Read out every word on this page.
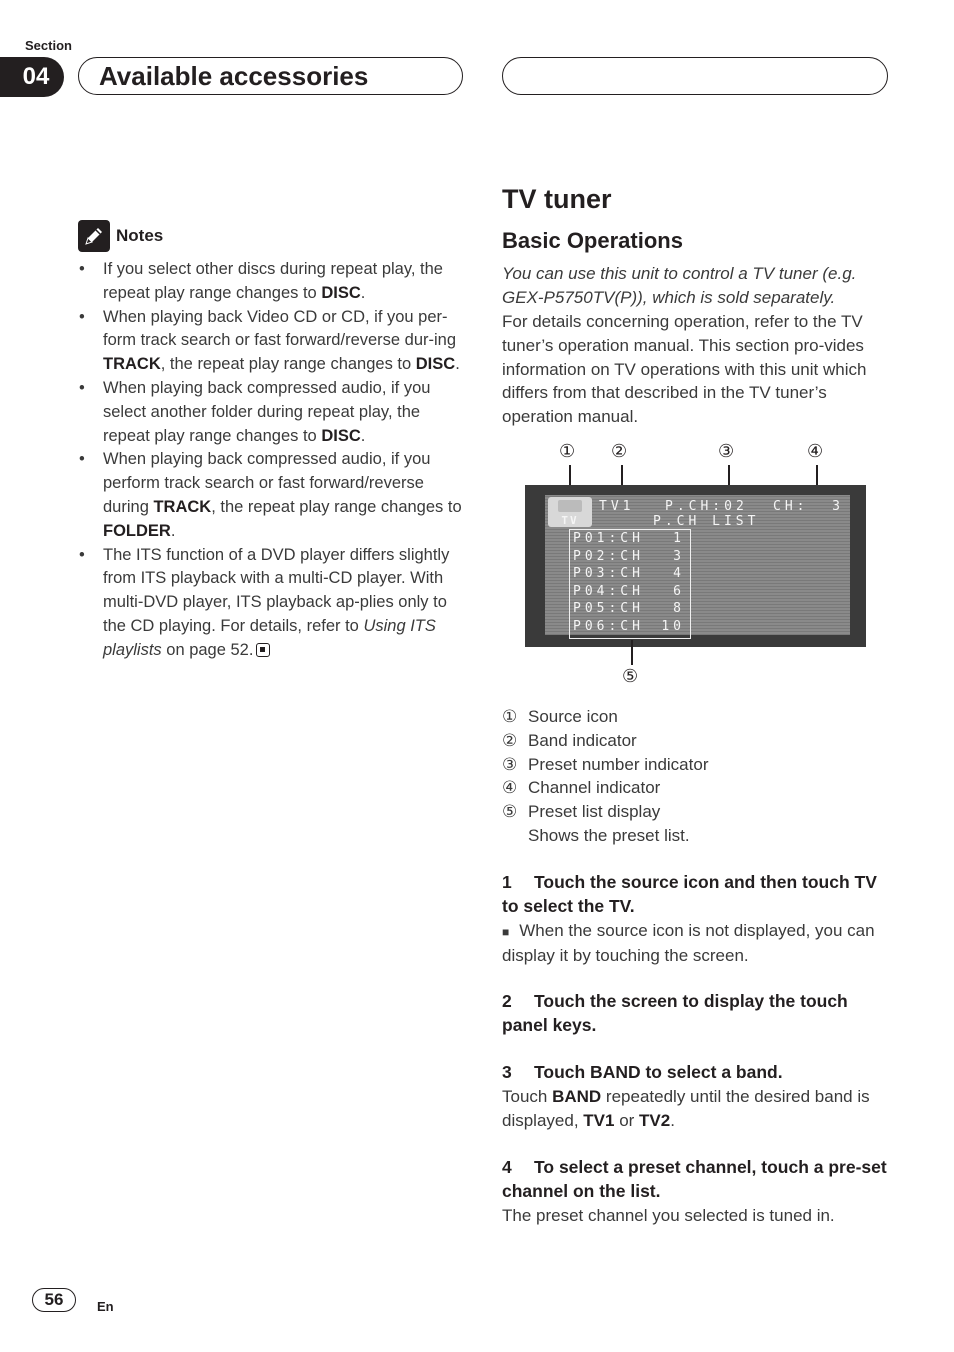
Section
04	Available accessories
Notes
• If you select other discs during repeat play, the repeat play range changes to DISC.
• When playing back Video CD or CD, if you per-form track search or fast forward/reverse dur-ing TRACK, the repeat play range changes to DISC.
• When playing back compressed audio, if you select another folder during repeat play, the repeat play range changes to DISC.
• When playing back compressed audio, if you perform track search or fast forward/reverse during TRACK, the repeat play range changes to FOLDER.
• The ITS function of a DVD player differs slightly from ITS playback with a multi-CD player. With multi-DVD player, ITS playback ap-plies only to the CD playing. For details, refer to Using ITS playlists on page 52.
TV tuner
Basic Operations
You can use this unit to control a TV tuner (e.g. GEX-P5750TV(P)), which is sold separately.
For details concerning operation, refer to the TV tuner’s operation manual. This section pro-vides information on TV operations with this unit which differs from that described in the TV tuner’s operation manual.
① ②	③	④
TV
TV1 P.CH:02 CH:  3
P.CH LIST
P01:CH 1
P02:CH 3
P03:CH 4
P04:CH 6
P05:CH 8
P06:CH 10
⑤
① Source icon
② Band indicator
③ Preset number indicator
④ Channel indicator
⑤ Preset list display
Shows the preset list.
1 Touch the source icon and then touch TV to select the TV.
■ When the source icon is not displayed, you can display it by touching the screen.
2 Touch the screen to display the touch panel keys.
3 Touch BAND to select a band.
Touch BAND repeatedly until the desired band is displayed, TV1 or TV2.
4 To select a preset channel, touch a pre-set channel on the list.
The preset channel you selected is tuned in.
56	En
